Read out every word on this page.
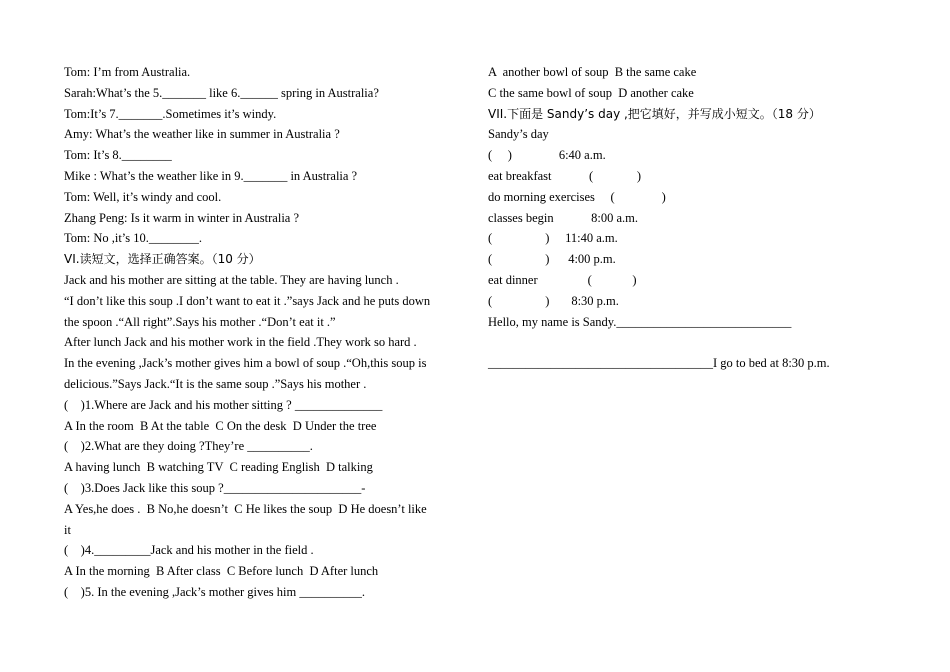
Tom: I’m from Australia.
Sarah:What’s the 5._______ like 6.______ spring in Australia?
Tom:It’s 7._______.Sometimes it’s windy.
Amy: What’s the weather like in summer in Australia ?
Tom: It’s 8.________
Mike : What’s the weather like in 9._______ in Australia ?
Tom: Well, it’s windy and cool.
Zhang Peng: Is it warm in winter in Australia ?
Tom: No ,it’s 10.________.
VI.读短文，选择正确答案。（10 分）
Jack and his mother are sitting at the table. They are having lunch .
“I don’t like this soup .I don’t want to eat it .”says Jack and he puts down
the spoon .“All right”.Says his mother .“Don’t eat it .”
After lunch Jack and his mother work in the field .They work so hard .
In the evening ,Jack’s mother gives him a bowl of soup .“Oh,this soup is
delicious.”Says Jack.“It is the same soup .”Says his mother .
(    )1.Where are Jack and his mother sitting ? ______________
A In the room  B At the table  C On the desk  D Under the tree
(    )2.What are they doing ?They’re __________.
A having lunch  B watching TV  C reading English  D talking
(    )3.Does Jack like this soup ?______________________-
A Yes,he does .  B No,he doesn’t  C He likes the soup  D He doesn’t like
it
(    )4._________Jack and his mother in the field .
A In the morning  B After class  C Before lunch  D After lunch
(    )5. In the evening ,Jack’s mother gives him __________.
A  another bowl of soup  B the same cake
C the same bowl of soup  D another cake
VII.下面是 Sandy’s day ,把它填好，并写成小短文。（18 分）
Sandy’s day
(     )               6:40 a.m.
eat breakfast            (              )
do morning exercises     (               )
classes begin            8:00 a.m.
(                 )     11:40 a.m.
(                 )      4:00 p.m.
eat dinner                (             )
(                 )       8:30 p.m.
Hello, my name is Sandy.____________________________
____________________________________I go to bed at 8:30 p.m.
